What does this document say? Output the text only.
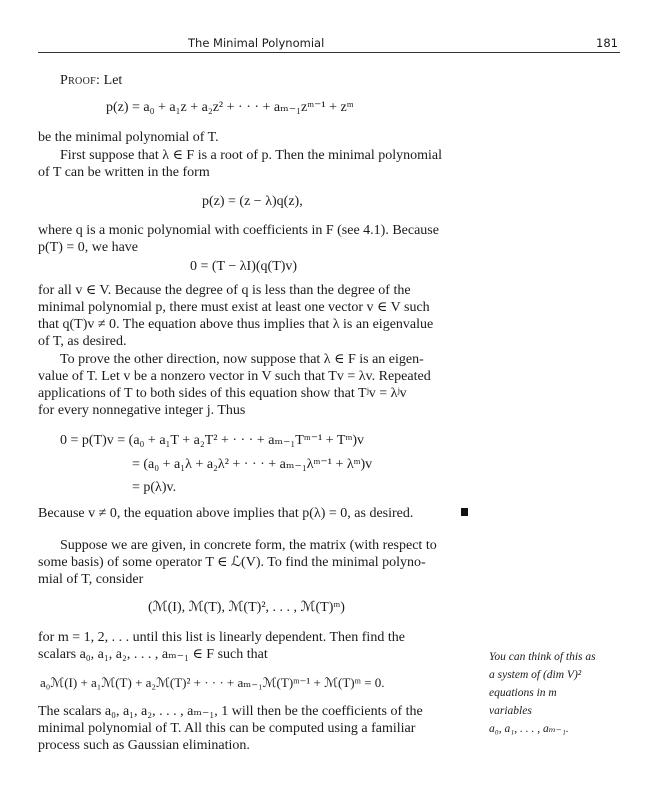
The Minimal Polynomial	181
Proof: Let
p(z) = a₀ + a₁z + a₂z² + · · · + aₘ₋₁zᵐ⁻¹ + zᵐ
be the minimal polynomial of T.
First suppose that λ ∈ F is a root of p. Then the minimal polynomial
of T can be written in the form
p(z) = (z − λ)q(z),
where q is a monic polynomial with coefficients in F (see 4.1). Because
p(T) = 0, we have
0 = (T − λI)(q(T)v)
for all v ∈ V. Because the degree of q is less than the degree of the
minimal polynomial p, there must exist at least one vector v ∈ V such
that q(T)v ≠ 0. The equation above thus implies that λ is an eigenvalue
of T, as desired.
To prove the other direction, now suppose that λ ∈ F is an eigen-
value of T. Let v be a nonzero vector in V such that Tv = λv. Repeated
applications of T to both sides of this equation show that Tʲv = λʲv
for every nonnegative integer j. Thus
0 = p(T)v = (a₀ + a₁T + a₂T² + · · · + aₘ₋₁Tᵐ⁻¹ + Tᵐ)v
= (a₀ + a₁λ + a₂λ² + · · · + aₘ₋₁λᵐ⁻¹ + λᵐ)v
= p(λ)v.
Because v ≠ 0, the equation above implies that p(λ) = 0, as desired.
Suppose we are given, in concrete form, the matrix (with respect to
some basis) of some operator T ∈ ℒ(V). To find the minimal polyno-
mial of T, consider
(ℳ(I), ℳ(T), ℳ(T)², . . . , ℳ(T)ᵐ)
for m = 1, 2, . . . until this list is linearly dependent. Then find the
scalars a₀, a₁, a₂, . . . , aₘ₋₁ ∈ F such that
a₀ℳ(I) + a₁ℳ(T) + a₂ℳ(T)² + · · · + aₘ₋₁ℳ(T)ᵐ⁻¹ + ℳ(T)ᵐ = 0.
The scalars a₀, a₁, a₂, . . . , aₘ₋₁, 1 will then be the coefficients of the
minimal polynomial of T. All this can be computed using a familiar
process such as Gaussian elimination.
You can think of this as
a system of (dim V)²
equations in m
variables
a₀, a₁, . . . , aₘ₋₁.
